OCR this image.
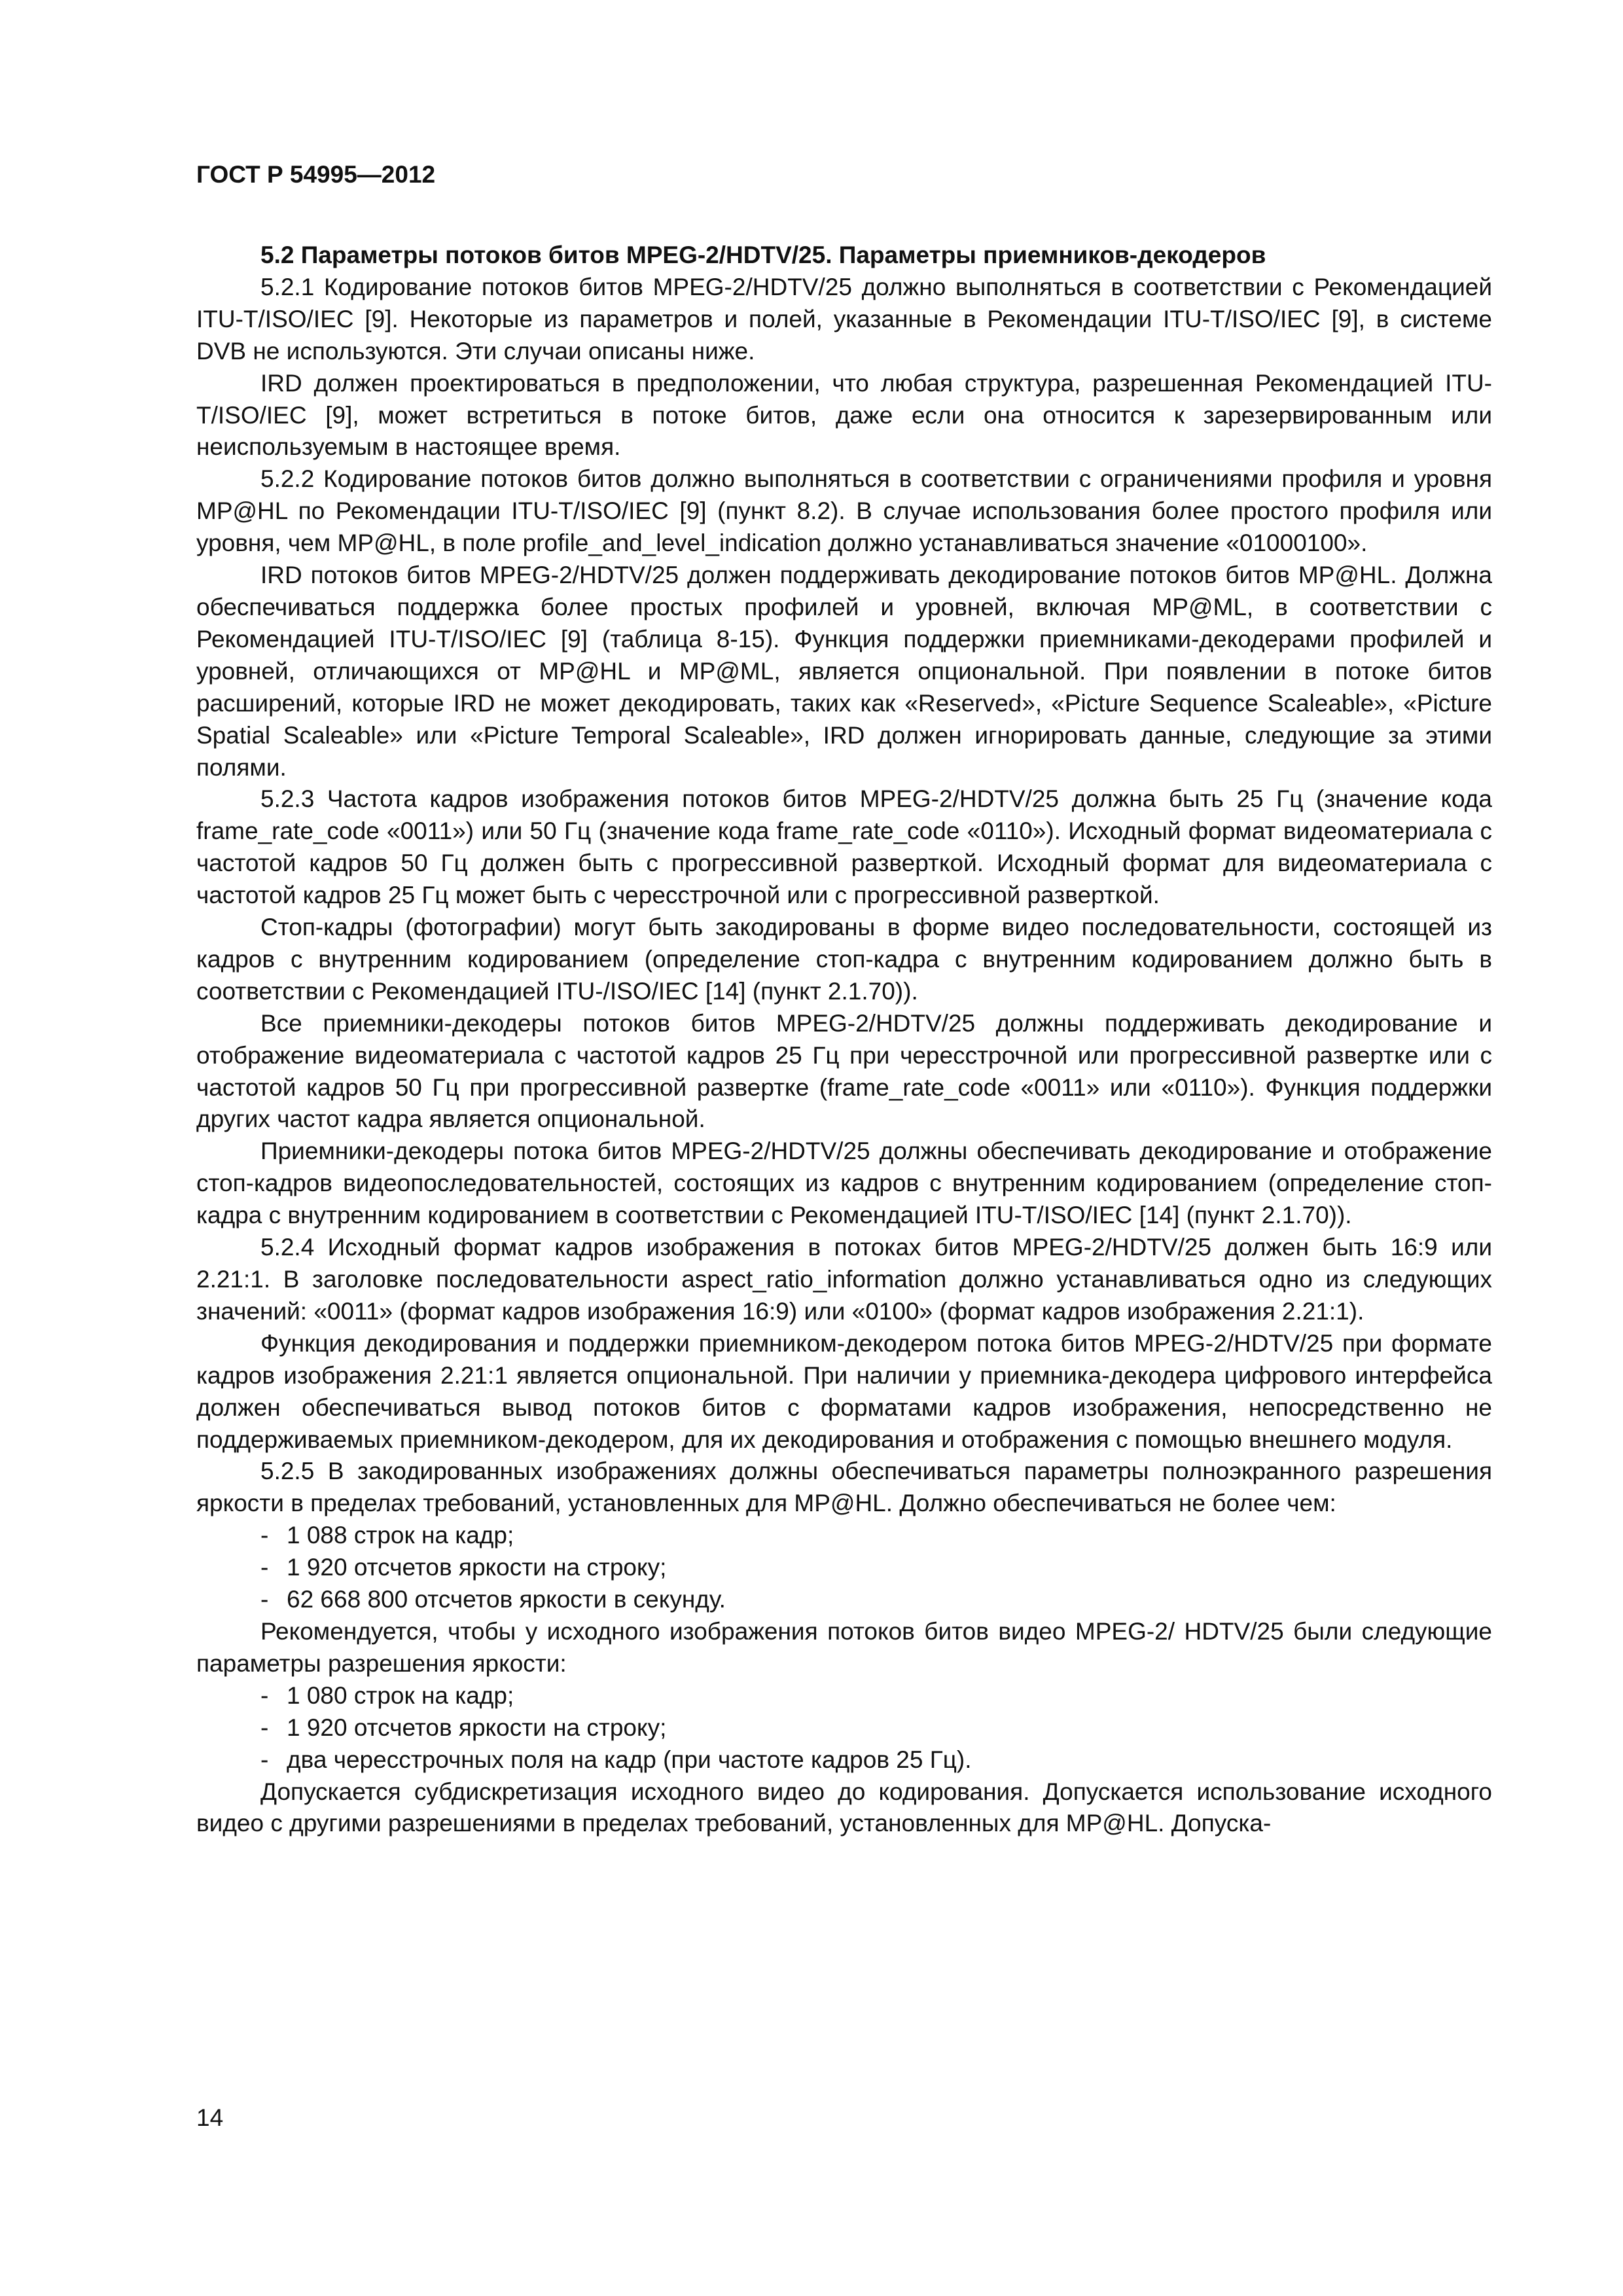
ГОСТ Р 54995—2012

5.2 Параметры потоков битов MPEG-2/HDTV/25. Параметры приемников-декодеров

5.2.1 Кодирование потоков битов MPEG-2/HDTV/25 должно выполняться в соответствии с Рекомендацией ITU-T/ISO/IEC [9]. Некоторые из параметров и полей, указанные в Рекомендации ITU-T/ISO/IEC [9], в системе DVB не используются. Эти случаи описаны ниже.

IRD должен проектироваться в предположении, что любая структура, разрешенная Рекомендацией ITU-T/ISO/IEC [9], может встретиться в потоке битов, даже если она относится к зарезервированным или неиспользуемым в настоящее время.

5.2.2 Кодирование потоков битов должно выполняться в соответствии с ограничениями профиля и уровня MP@HL по Рекомендации ITU-T/ISO/IEC [9] (пункт 8.2). В случае использования более простого профиля или уровня, чем MP@HL, в поле profile_and_level_indication должно устанавливаться значение «01000100».

IRD потоков битов MPEG-2/HDTV/25 должен поддерживать декодирование потоков битов MP@HL. Должна обеспечиваться поддержка более простых профилей и уровней, включая MP@ML, в соответствии с Рекомендацией ITU-T/ISO/IEC [9] (таблица 8-15). Функция поддержки приемниками-декодерами профилей и уровней, отличающихся от MP@HL и MP@ML, является опциональной. При появлении в потоке битов расширений, которые IRD не может декодировать, таких как «Reserved», «Picture Sequence Scaleable», «Picture Spatial Scaleable» или «Picture Temporal Scaleable», IRD должен игнорировать данные, следующие за этими полями.

5.2.3 Частота кадров изображения потоков битов MPEG-2/HDTV/25 должна быть 25 Гц (значение кода frame_rate_code «0011») или 50 Гц (значение кода frame_rate_code «0110»). Исходный формат видеоматериала с частотой кадров 50 Гц должен быть с прогрессивной разверткой. Исходный формат для видеоматериала с частотой кадров 25 Гц может быть с чересстрочной или с прогрессивной разверткой.

Стоп-кадры (фотографии) могут быть закодированы в форме видео последовательности, состоящей из кадров с внутренним кодированием (определение стоп-кадра с внутренним кодированием должно быть в соответствии с Рекомендацией ITU-/ISO/IEC [14] (пункт 2.1.70)).

Все приемники-декодеры потоков битов MPEG-2/HDTV/25 должны поддерживать декодирование и отображение видеоматериала с частотой кадров 25 Гц при чересстрочной или прогрессивной развертке или с частотой кадров 50 Гц при прогрессивной развертке (frame_rate_code «0011» или «0110»). Функция поддержки других частот кадра является опциональной.

Приемники-декодеры потока битов MPEG-2/HDTV/25 должны обеспечивать декодирование и отображение стоп-кадров видеопоследовательностей, состоящих из кадров с внутренним кодированием (определение стоп-кадра с внутренним кодированием в соответствии с Рекомендацией ITU-T/ISO/IEC [14] (пункт 2.1.70)).

5.2.4 Исходный формат кадров изображения в потоках битов MPEG-2/HDTV/25 должен быть 16:9 или 2.21:1. В заголовке последовательности aspect_ratio_information должно устанавливаться одно из следующих значений: «0011» (формат кадров изображения 16:9) или «0100» (формат кадров изображения 2.21:1).

Функция декодирования и поддержки приемником-декодером потока битов MPEG-2/HDTV/25 при формате кадров изображения 2.21:1 является опциональной. При наличии у приемника-декодера цифрового интерфейса должен обеспечиваться вывод потоков битов с форматами кадров изображения, непосредственно не поддерживаемых приемником-декодером, для их декодирования и отображения с помощью внешнего модуля.

5.2.5 В закодированных изображениях должны обеспечиваться параметры полноэкранного разрешения яркости в пределах требований, установленных для MP@HL. Должно обеспечиваться не более чем:

- 1 088 строк на кадр;
- 1 920 отсчетов яркости на строку;
- 62 668 800 отсчетов яркости в секунду.

Рекомендуется, чтобы у исходного изображения потоков битов видео MPEG-2/ HDTV/25 были следующие параметры разрешения яркости:

- 1 080 строк на кадр;
- 1 920 отсчетов яркости на строку;
- два чересстрочных поля на кадр (при частоте кадров 25 Гц).

Допускается субдискретизация исходного видео до кодирования. Допускается использование исходного видео с другими разрешениями в пределах требований, установленных для MP@HL. Допуска-

14
